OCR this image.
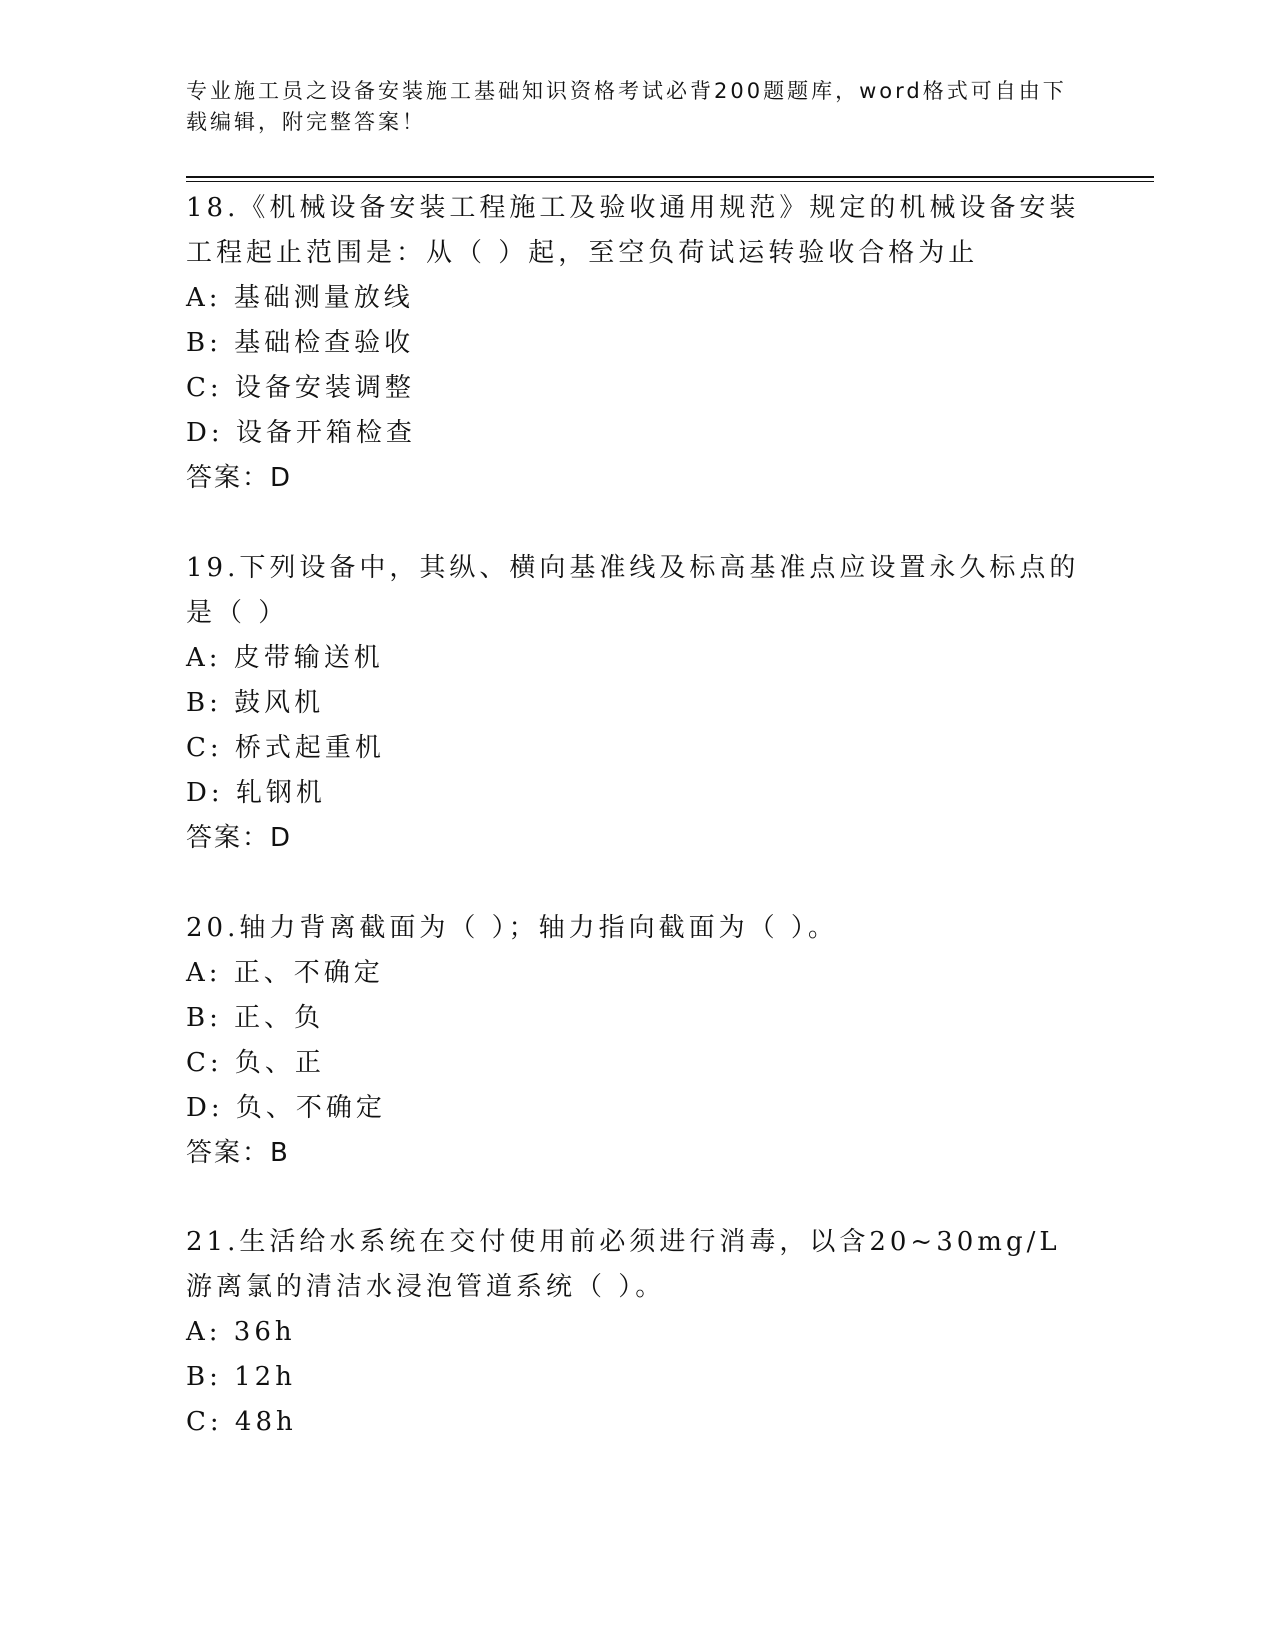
专业施工员之设备安装施工基础知识资格考试必背200题题库，word格式可自由下载编辑，附完整答案！

18.《机械设备安装工程施工及验收通用规范》规定的机械设备安装工程起止范围是：从（ ）起，至空负荷试运转验收合格为止

A: 基础测量放线
B: 基础检查验收
C: 设备安装调整
D: 设备开箱检查
答案：D

19.下列设备中，其纵、横向基准线及标高基准点应设置永久标点的是（ ）

A: 皮带输送机
B: 鼓风机
C: 桥式起重机
D: 轧钢机
答案：D

20.轴力背离截面为（ ）；轴力指向截面为（ ）。

A: 正、不确定
B: 正、负
C: 负、正
D: 负、不确定
答案：B

21.生活给水系统在交付使用前必须进行消毒，以含20~30mg/L游离氯的清洁水浸泡管道系统（ ）。

A: 36h
B: 12h
C: 48h
